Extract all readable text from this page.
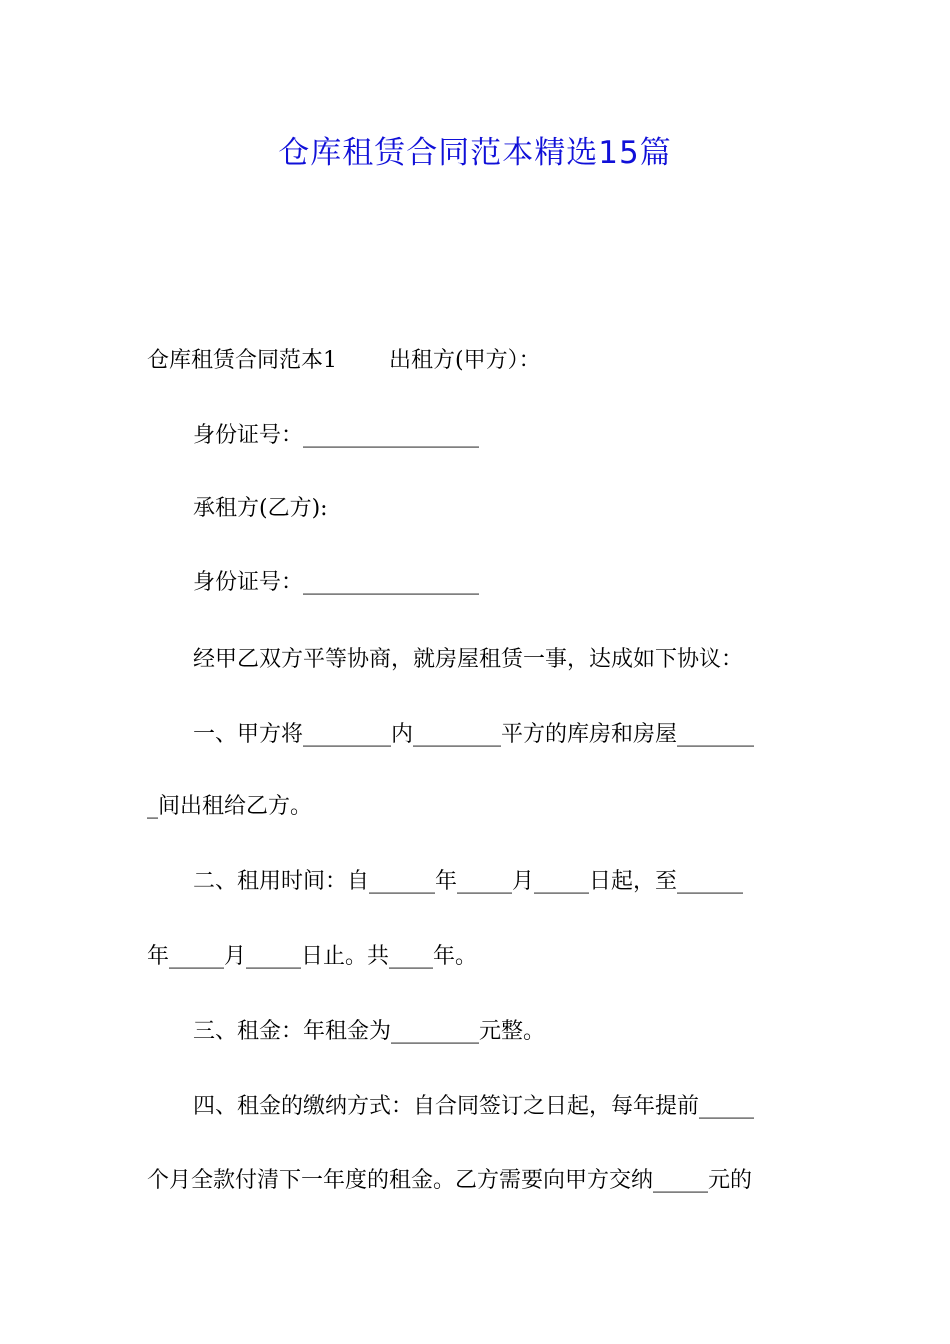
仓库租赁合同范本精选15篇
仓库租赁合同范本1 出租方(甲方）：
身份证号：________________
承租方(乙方):
身份证号：________________
经甲乙双方平等协商，就房屋租赁一事，达成如下协议：
一、甲方将________内________平方的库房和房屋_______
_间出租给乙方。
二、租用时间：自______年_____月_____日起，至______
年_____月_____日止。共____年。
三、租金：年租金为________元整。
四、租金的缴纳方式：自合同签订之日起，每年提前_____
个月全款付清下一年度的租金。乙方需要向甲方交纳_____元的
